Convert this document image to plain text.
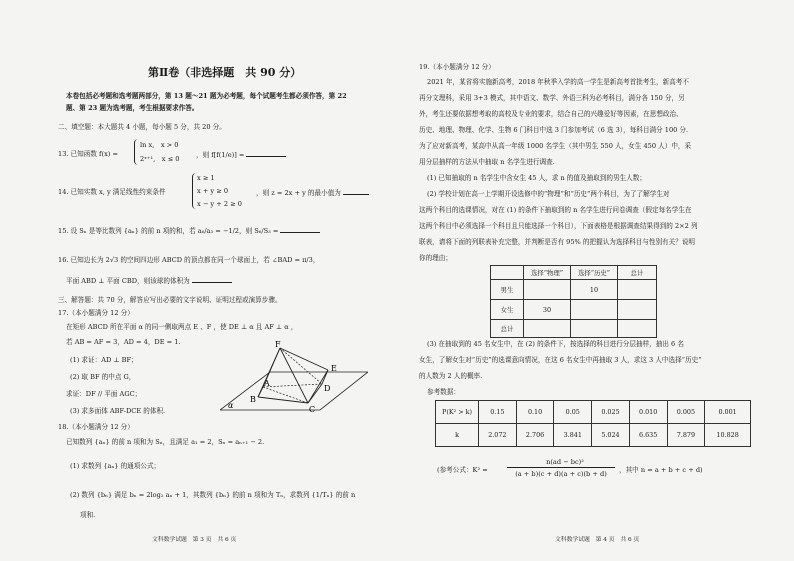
第Ⅱ卷（非选择题　共 90 分）
本卷包括必考题和选考题两部分，第 13 题～21 题为必考题，每个试题考生都必须作答，第 22
题、第 23 题为选考题，考生根据要求作答。
二、填空题：本大题共 4 小题，每小题 5 分，共 20 分。
13. 已知函数 f(x) =
ln x,　x > 0
2ˣ⁺¹,　x ≤ 0	，则 f[f(1/e)] =
14. 已知实数 x, y 满足线性约束条件
x ≥ 1
x + y ≥ 0
x − y + 2 ≥ 0
，则 z = 2x + y 的最小值为
15. 设 Sₙ 是等比数列 {aₙ} 的前 n 项的和，若 a₆/a₃ = −1/2，则 S₆/S₃ =
16. 已知边长为 2√3 的空间四边形 ABCD 的顶点都在同一个球面上，若 ∠BAD = π/3，
平面 ABD ⊥ 平面 CBD，则该球的体积为
三、解答题：共 70 分，解答应写出必要的文字说明、证明过程或演算步骤。
17.（本小题满分 12 分）
在矩形 ABCD 所在平面 α 的同一侧取两点 E 、F ，使 DE ⊥ α 且 AF ⊥ α ，
若 AB = AF = 3，AD = 4，DE = 1.
(1) 求证：AD ⊥ BF；
(2) 取 BF 的中点 G，
求证：DF // 平面 AGC；
(3) 求多面体 ABF-DCE 的体积.
F
E
A
D
B
C
α
18.（本小题满分 12 分）
已知数列 {aₙ} 的前 n 项和为 Sₙ，且满足 a₁ = 2，Sₙ = aₙ₊₁ − 2.
(1) 求数列 {aₙ} 的通项公式；
(2) 数列 {bₙ} 满足 bₙ = 2log₂ aₙ + 1，其数列 {bₙ} 的前 n 项和为 Tₙ，求数列 {1/Tₙ} 的前 n
项和.
文科数学试题　第 3 页　共 6 页
19.（本小题满分 12 分）
2021 年，某省将实施新高考，2018 年秋季入学的高一学生是新高考首批考生，新高考不
再分文理科，采用 3+3 模式，其中语文、数学、外语三科为必考科目，满分各 150 分，另
外，考生还要依据想考取的高校及专业的要求，结合自己的兴趣爱好等因素，在思想政治、
历史、地理、物理、化学、生物 6 门科目中选 3 门参加考试（6 选 3），每科目满分 100 分.
为了应对新高考，某高中从高一年级 1000 名学生（其中男生 550 人，女生 450 人）中，采
用分层抽样的方法从中抽取 n 名学生进行调查.
(1) 已知抽取的 n 名学生中含女生 45 人，求 n 的值及抽取到的男生人数；
(2) 学校计划在高一上学期开设选修中的“物理”和“历史”两个科目，为了了解学生对
这两个科目的选课情况，对在 (1) 的条件下抽取到的 n 名学生进行问卷调查（假定每名学生在
这两个科目中必须选择一个科目且只能选择一个科目），下面表格是根据调查结果得到的 2×2 列
联表，请将下面的列联表补充完整，并判断是否有 95% 的把握认为选择科目与性别有关？说明
你的理由；
	选择“物理”	选择“历史”	总计
男生		10	
女生	30		
总计			
(3) 在抽取到的 45 名女生中，在 (2) 的条件下，按选择的科目进行分层抽样，抽出 6 名
女生，了解女生对“历史”的选课意向情况，在这 6 名女生中再抽取 3 人，求这 3 人中选择“历史”
的人数为 2 人的概率.
参考数据：
P(K² > k)	0.15	0.10	0.05	0.025	0.010	0.005	0.001
k	2.072	2.706	3.841	5.024	6.635	7.879	10.828
(参考公式：K² =
n(ad − bc)²
(a + b)(c + d)(a + c)(b + d)	，其中 n = a + b + c + d)
文科数学试题　第 4 页　共 6 页
